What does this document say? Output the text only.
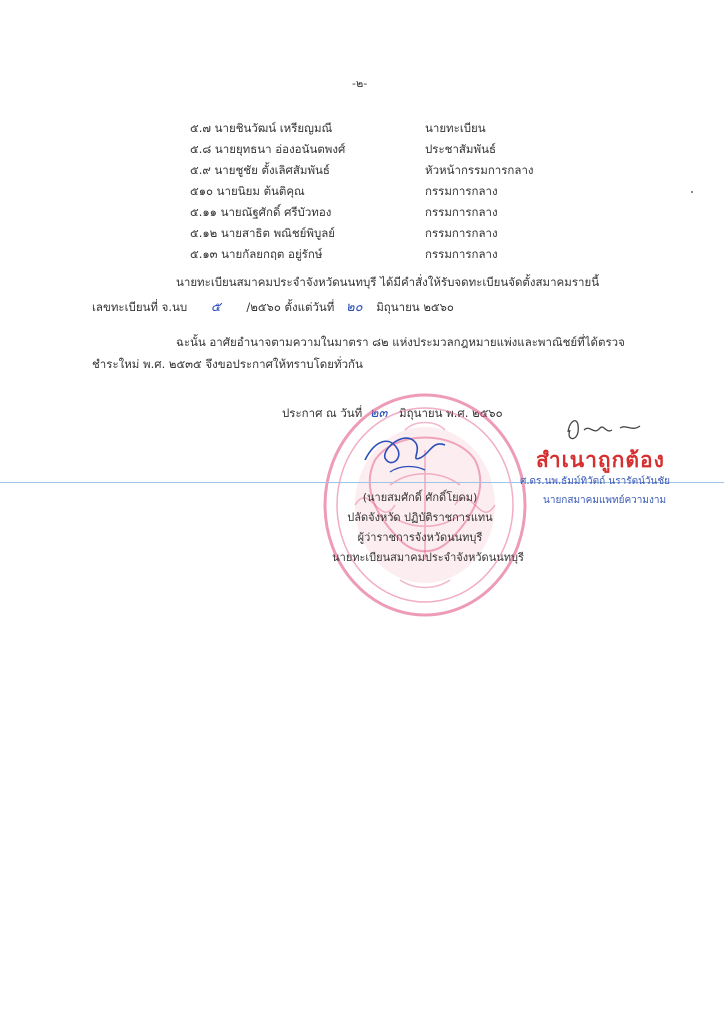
-๒-
๕.๗ นายชินวัฒน์ เหรียญมณี	นายทะเบียน
๕.๘ นายยุทธนา อ่องอนันตพงศ์	ประชาสัมพันธ์
๕.๙ นายชูชัย ตั้งเลิศสัมพันธ์	หัวหน้ากรรมการกลาง
๕๑๐ นายนิยม ต้นติคุณ	กรรมการกลาง
๕.๑๑ นายณัฐศักดิ์ ศรีบัวทอง	กรรมการกลาง
๕.๑๒ นายสาธิต พณิชย์พิบูลย์	กรรมการกลาง
๕.๑๓ นายกัลยกฤต อยู่รักษ์	กรรมการกลาง
นายทะเบียนสมาคมประจำจังหวัดนนทบุรี ได้มีคำสั่งให้รับจดทะเบียนจัดตั้งสมาคมรายนี้
เลขทะเบียนที่ จ.นบ ๕ /๒๕๖๐ ตั้งแต่วันที่ ๒๐ มิถุนายน ๒๕๖๐
ฉะนั้น อาศัยอำนาจตามความในมาตรา ๘๒ แห่งประมวลกฎหมายแพ่งและพาณิชย์ที่ได้ตรวจ
ชำระใหม่ พ.ศ. ๒๕๓๕ จึงขอประกาศให้ทราบโดยทั่วกัน
ประกาศ ณ วันที่ ๒๓ มิถุนายน พ.ศ. ๒๕๖๐
(นายสมศักดิ์ ศักดิ์โยดม)
ปลัดจังหวัด ปฏิบัติราชการแทน
ผู้ว่าราชการจังหวัดนนทบุรี
นายทะเบียนสมาคมประจำจังหวัดนนทบุรี
สำเนาถูกต้อง
ศ.ดร.นพ.ธัมม์ทิวัตถ์ นรารัตน์วันชัย
นายกสมาคมแพทย์ความงาม
